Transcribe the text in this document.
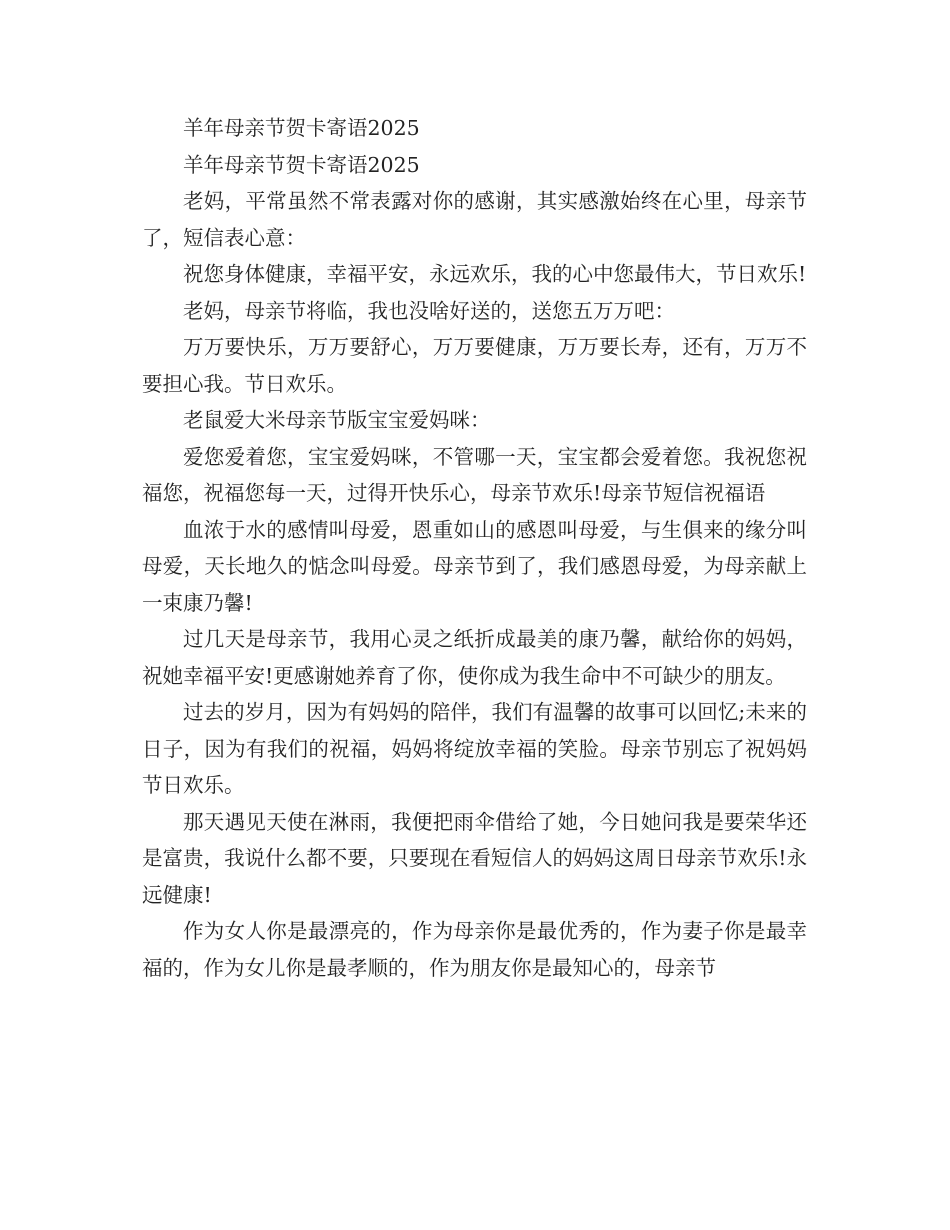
羊年母亲节贺卡寄语2025

羊年母亲节贺卡寄语2025

老妈，平常虽然不常表露对你的感谢，其实感激始终在心里，母亲节了，短信表心意：

祝您身体健康，幸福平安，永远欢乐，我的心中您最伟大，节日欢乐!

老妈，母亲节将临，我也没啥好送的，送您五万万吧：

万万要快乐，万万要舒心，万万要健康，万万要长寿，还有，万万不要担心我。节日欢乐。

老鼠爱大米母亲节版宝宝爱妈咪：

爱您爱着您，宝宝爱妈咪，不管哪一天，宝宝都会爱着您。我祝您祝福您，祝福您每一天，过得开快乐心，母亲节欢乐!母亲节短信祝福语

血浓于水的感情叫母爱，恩重如山的感恩叫母爱，与生俱来的缘分叫母爱，天长地久的惦念叫母爱。母亲节到了，我们感恩母爱，为母亲献上一束康乃馨!

过几天是母亲节，我用心灵之纸折成最美的康乃馨，献给你的妈妈，祝她幸福平安!更感谢她养育了你，使你成为我生命中不可缺少的朋友。

过去的岁月，因为有妈妈的陪伴，我们有温馨的故事可以回忆;未来的日子，因为有我们的祝福，妈妈将绽放幸福的笑脸。母亲节别忘了祝妈妈节日欢乐。

那天遇见天使在淋雨，我便把雨伞借给了她，今日她问我是要荣华还是富贵，我说什么都不要，只要现在看短信人的妈妈这周日母亲节欢乐!永远健康!

作为女人你是最漂亮的，作为母亲你是最优秀的，作为妻子你是最幸福的，作为女儿你是最孝顺的，作为朋友你是最知心的，母亲节
